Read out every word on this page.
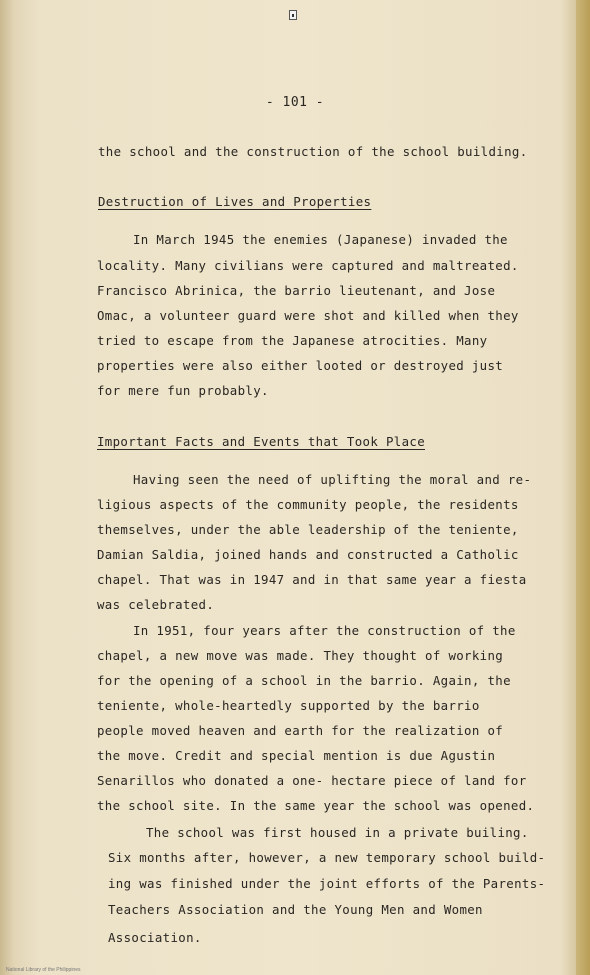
- 101 -
the school and the construction of the school building.
Destruction of Lives and Properties
In March 1945 the enemies (Japanese) invaded the
locality. Many civilians were captured and maltreated.
Francisco Abrinica, the barrio lieutenant, and Jose
Omac, a volunteer guard were shot and killed when they
tried to escape from the Japanese atrocities. Many
properties were also either looted or destroyed just
for mere fun probably.
Important Facts and Events that Took Place
Having seen the need of uplifting the moral and re-
ligious aspects of the community people, the residents
themselves, under the able leadership of the teniente,
Damian Saldia, joined hands and constructed a Catholic
chapel. That was in 1947 and in that same year a fiesta
was celebrated.
In 1951, four years after the construction of the
chapel, a new move was made. They thought of working
for the opening of a school in the barrio. Again, the
teniente, whole-heartedly supported by the barrio
people moved heaven and earth for the realization of
the move. Credit and special mention is due Agustin
Senarillos who donated a one- hectare piece of land for
the school site. In the same year the school was opened.
The school was first housed in a private builing.
Six months after, however, a new temporary school build-
ing was finished under the joint efforts of the Parents-
Teachers Association and the Young Men and Women
Association.
National Library of the Philippines
